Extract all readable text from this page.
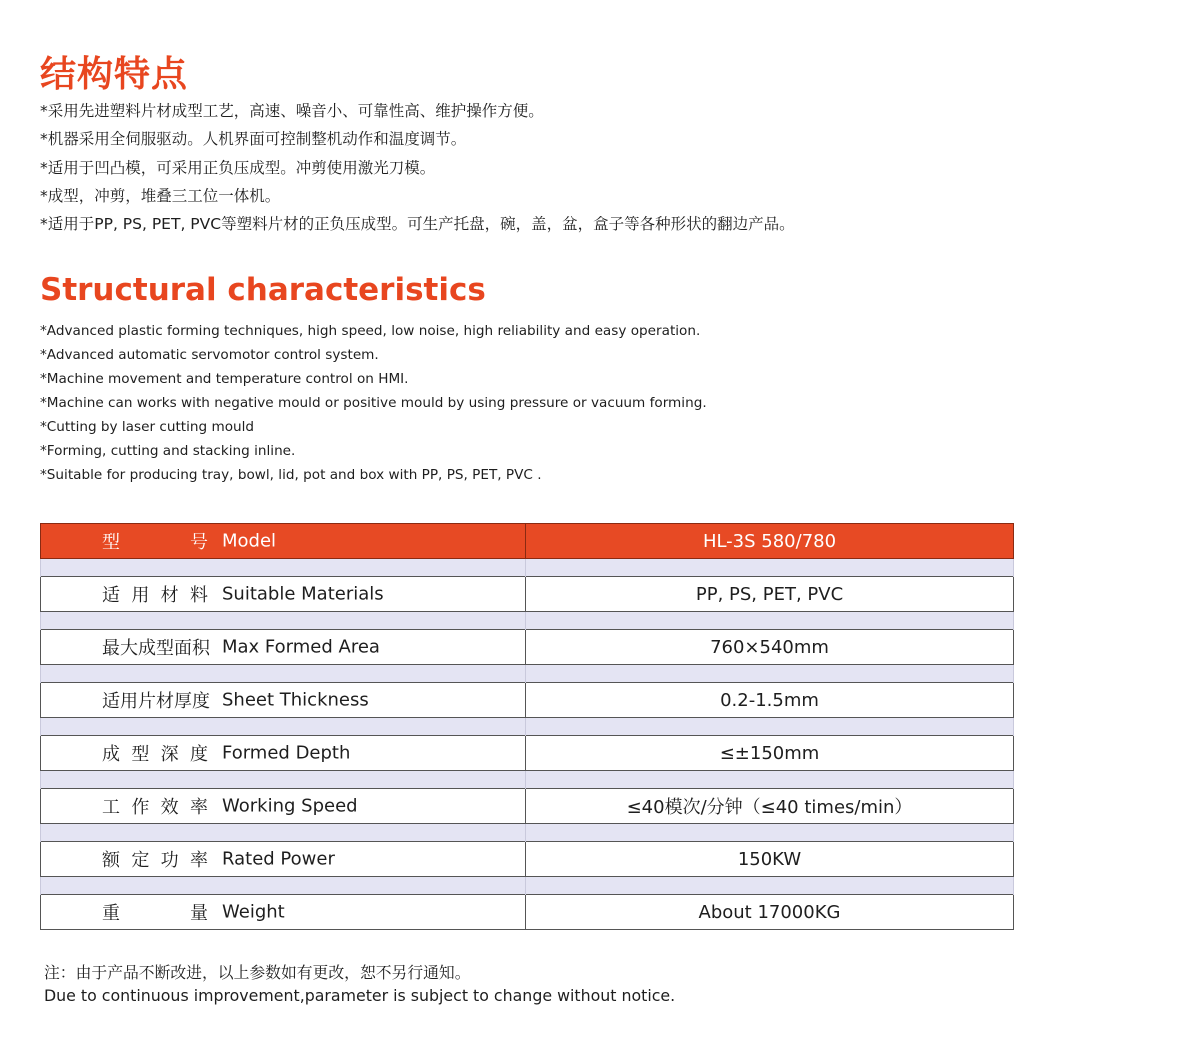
结构特点
*采用先进塑料片材成型工艺，高速、噪音小、可靠性高、维护操作方便。
*机器采用全伺服驱动。人机界面可控制整机动作和温度调节。
*适用于凹凸模，可采用正负压成型。冲剪使用激光刀模。
*成型，冲剪，堆叠三工位一体机。
*适用于PP, PS, PET, PVC等塑料片材的正负压成型。可生产托盘，碗，盖，盆，盒子等各种形状的翻边产品。
Structural characteristics
*Advanced plastic forming techniques, high speed, low noise, high reliability and easy operation.
*Advanced automatic servomotor control system.
*Machine movement and temperature control on HMI.
*Machine can works with negative mould or positive mould by using pressure or vacuum forming.
*Cutting by laser cutting mould
*Forming, cutting and stacking inline.
*Suitable for producing tray, bowl, lid, pot and box with PP, PS, PET, PVC .
型号 Model	HL-3S 580/780

适用材料 Suitable Materials	PP, PS, PET, PVC

最大成型面积 Max Formed Area	760×540mm

适用片材厚度 Sheet Thickness	0.2-1.5mm

成型深度 Formed Depth	≤±150mm

工作效率 Working Speed	≤40模次/分钟（≤40 times/min）

额定功率 Rated Power	150KW

重量 Weight	About 17000KG
注：由于产品不断改进，以上参数如有更改，恕不另行通知。
Due to continuous improvement,parameter is subject to change without notice.
